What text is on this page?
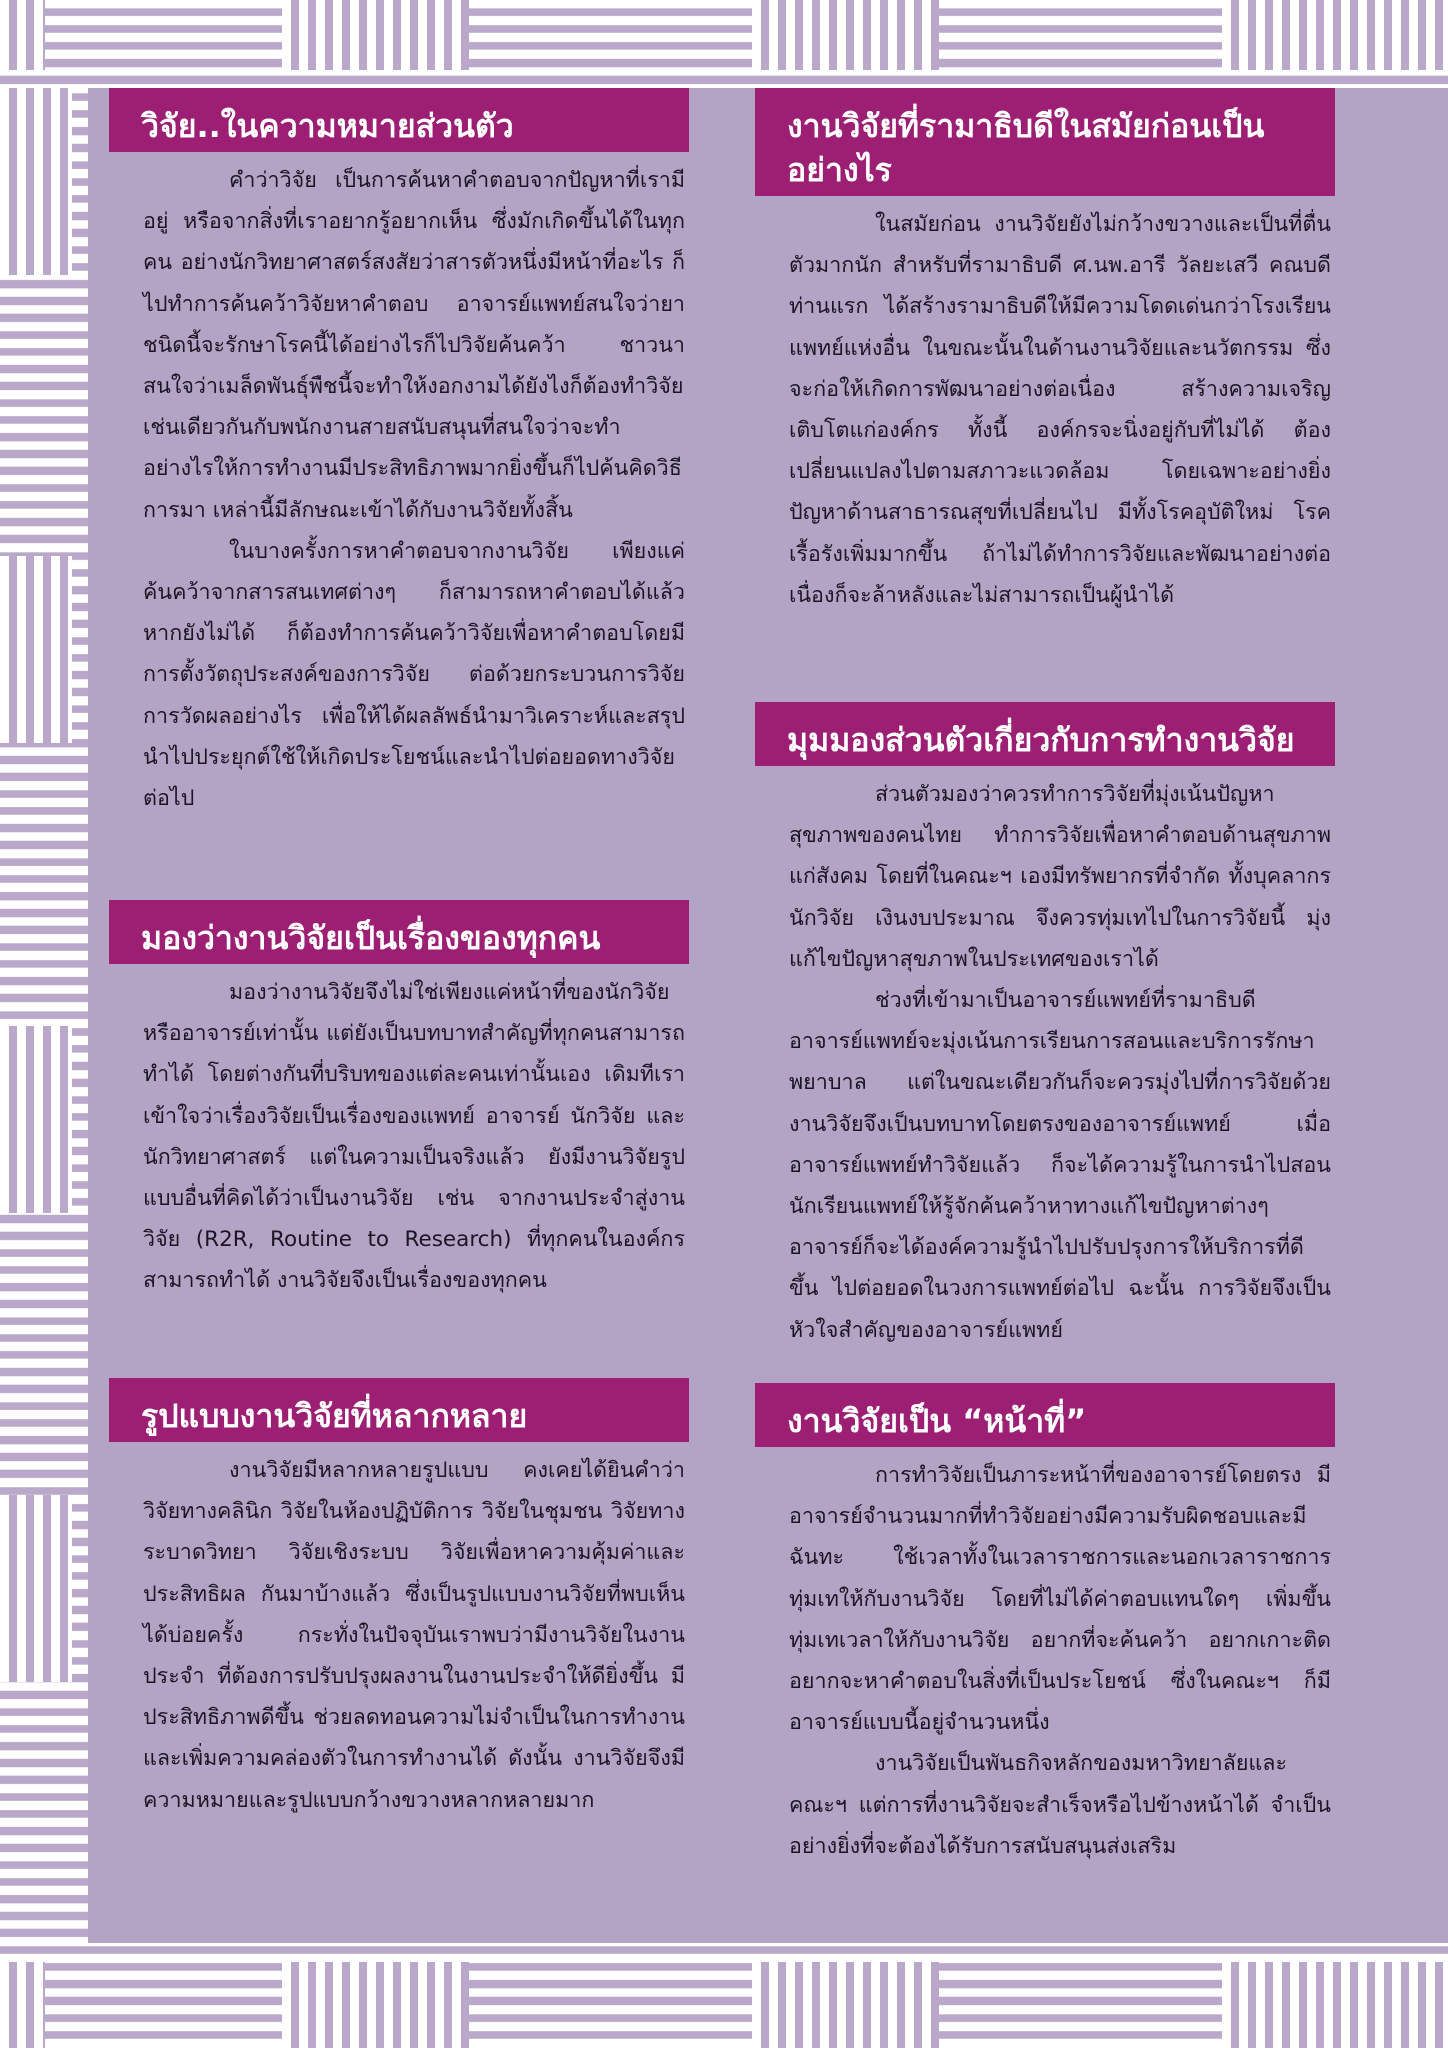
วิจัย..ในความหมายส่วนตัว

คำว่าวิจัย เป็นการค้นหาคำตอบจากปัญหาที่เรามีอยู่ หรือจากสิ่งที่เราอยากรู้อยากเห็น ซึ่งมักเกิดขึ้นได้ในทุกคน อย่างนักวิทยาศาสตร์สงสัยว่าสารตัวหนึ่งมีหน้าที่อะไร ก็ไปทำการค้นคว้าวิจัยหาคำตอบ อาจารย์แพทย์สนใจว่ายาชนิดนี้จะรักษาโรคนี้ได้อย่างไรก็ไปวิจัยค้นคว้า ชาวนาสนใจว่าเมล็ดพันธุ์พืชนี้จะทำให้งอกงามได้ยังไงก็ต้องทำวิจัย เช่นเดียวกันกับพนักงานสายสนับสนุนที่สนใจว่าจะทำอย่างไรให้การทำงานมีประสิทธิภาพมากยิ่งขึ้นก็ไปค้นคิดวิธีการมา เหล่านี้มีลักษณะเข้าได้กับงานวิจัยทั้งสิ้น

ในบางครั้งการหาคำตอบจากงานวิจัย เพียงแค่ค้นคว้าจากสารสนเทศต่างๆ ก็สามารถหาคำตอบได้แล้ว หากยังไม่ได้ ก็ต้องทำการค้นคว้าวิจัยเพื่อหาคำตอบโดยมีการตั้งวัตถุประสงค์ของการวิจัย ต่อด้วยกระบวนการวิจัย การวัดผลอย่างไร เพื่อให้ได้ผลลัพธ์นำมาวิเคราะห์และสรุปนำไปประยุกต์ใช้ให้เกิดประโยชน์และนำไปต่อยอดทางวิจัยต่อไป

มองว่างานวิจัยเป็นเรื่องของทุกคน

มองว่างานวิจัยจึงไม่ใช่เพียงแค่หน้าที่ของนักวิจัย หรืออาจารย์เท่านั้น แต่ยังเป็นบทบาทสำคัญที่ทุกคนสามารถทำได้ โดยต่างกันที่บริบทของแต่ละคนเท่านั้นเอง เดิมทีเราเข้าใจว่าเรื่องวิจัยเป็นเรื่องของแพทย์ อาจารย์ นักวิจัย และนักวิทยาศาสตร์ แต่ในความเป็นจริงแล้ว ยังมีงานวิจัยรูปแบบอื่นที่คิดได้ว่าเป็นงานวิจัย เช่น จากงานประจำสู่งานวิจัย (R2R, Routine to Research) ที่ทุกคนในองค์กรสามารถทำได้ งานวิจัยจึงเป็นเรื่องของทุกคน

รูปแบบงานวิจัยที่หลากหลาย

งานวิจัยมีหลากหลายรูปแบบ คงเคยได้ยินคำว่า วิจัยทางคลินิก วิจัยในห้องปฏิบัติการ วิจัยในชุมชน วิจัยทางระบาดวิทยา วิจัยเชิงระบบ วิจัยเพื่อหาความคุ้มค่าและประสิทธิผล กันมาบ้างแล้ว ซึ่งเป็นรูปแบบงานวิจัยที่พบเห็นได้บ่อยครั้ง กระทั่งในปัจจุบันเราพบว่ามีงานวิจัยในงานประจำ ที่ต้องการปรับปรุงผลงานในงานประจำให้ดียิ่งขึ้น มีประสิทธิภาพดีขึ้น ช่วยลดทอนความไม่จำเป็นในการทำงาน และเพิ่มความคล่องตัวในการทำงานได้ ดังนั้น งานวิจัยจึงมีความหมายและรูปแบบกว้างขวางหลากหลายมาก

งานวิจัยที่รามาธิบดีในสมัยก่อนเป็นอย่างไร

ในสมัยก่อน งานวิจัยยังไม่กว้างขวางและเป็นที่ตื่นตัวมากนัก สำหรับที่รามาธิบดี ศ.นพ.อารี วัลยะเสวี คณบดีท่านแรก ได้สร้างรามาธิบดีให้มีความโดดเด่นกว่าโรงเรียนแพทย์แห่งอื่น ในขณะนั้นในด้านงานวิจัยและนวัตกรรม ซึ่งจะก่อให้เกิดการพัฒนาอย่างต่อเนื่อง สร้างความเจริญเติบโตแก่องค์กร ทั้งนี้ องค์กรจะนิ่งอยู่กับที่ไม่ได้ ต้องเปลี่ยนแปลงไปตามสภาวะแวดล้อม โดยเฉพาะอย่างยิ่งปัญหาด้านสาธารณสุขที่เปลี่ยนไป มีทั้งโรคอุบัติใหม่ โรคเรื้อรังเพิ่มมากขึ้น ถ้าไม่ได้ทำการวิจัยและพัฒนาอย่างต่อเนื่องก็จะล้าหลังและไม่สามารถเป็นผู้นำได้

มุมมองส่วนตัวเกี่ยวกับการทำงานวิจัย

ส่วนตัวมองว่าควรทำการวิจัยที่มุ่งเน้นปัญหาสุขภาพของคนไทย ทำการวิจัยเพื่อหาคำตอบด้านสุขภาพแก่สังคม โดยที่ในคณะฯ เองมีทรัพยากรที่จำกัด ทั้งบุคลากรนักวิจัย เงินงบประมาณ จึงควรทุ่มเทไปในการวิจัยนี้ มุ่งแก้ไขปัญหาสุขภาพในประเทศของเราได้

ช่วงที่เข้ามาเป็นอาจารย์แพทย์ที่รามาธิบดี อาจารย์แพทย์จะมุ่งเน้นการเรียนการสอนและบริการรักษาพยาบาล แต่ในขณะเดียวกันก็จะควรมุ่งไปที่การวิจัยด้วย งานวิจัยจึงเป็นบทบาทโดยตรงของอาจารย์แพทย์ เมื่ออาจารย์แพทย์ทำวิจัยแล้ว ก็จะได้ความรู้ในการนำไปสอนนักเรียนแพทย์ให้รู้จักค้นคว้าหาทางแก้ไขปัญหาต่างๆ อาจารย์ก็จะได้องค์ความรู้นำไปปรับปรุงการให้บริการที่ดีขึ้น ไปต่อยอดในวงการแพทย์ต่อไป ฉะนั้น การวิจัยจึงเป็นหัวใจสำคัญของอาจารย์แพทย์

งานวิจัยเป็น “หน้าที่”

การทำวิจัยเป็นภาระหน้าที่ของอาจารย์โดยตรง มีอาจารย์จำนวนมากที่ทำวิจัยอย่างมีความรับผิดชอบและมีฉันทะ ใช้เวลาทั้งในเวลาราชการและนอกเวลาราชการทุ่มเทให้กับงานวิจัย โดยที่ไม่ได้ค่าตอบแทนใดๆ เพิ่มขึ้น ทุ่มเทเวลาให้กับงานวิจัย อยากที่จะค้นคว้า อยากเกาะติด อยากจะหาคำตอบในสิ่งที่เป็นประโยชน์ ซึ่งในคณะฯ ก็มีอาจารย์แบบนี้อยู่จำนวนหนึ่ง

งานวิจัยเป็นพันธกิจหลักของมหาวิทยาลัยและคณะฯ แต่การที่งานวิจัยจะสำเร็จหรือไปข้างหน้าได้ จำเป็นอย่างยิ่งที่จะต้องได้รับการสนับสนุนส่งเสริม
